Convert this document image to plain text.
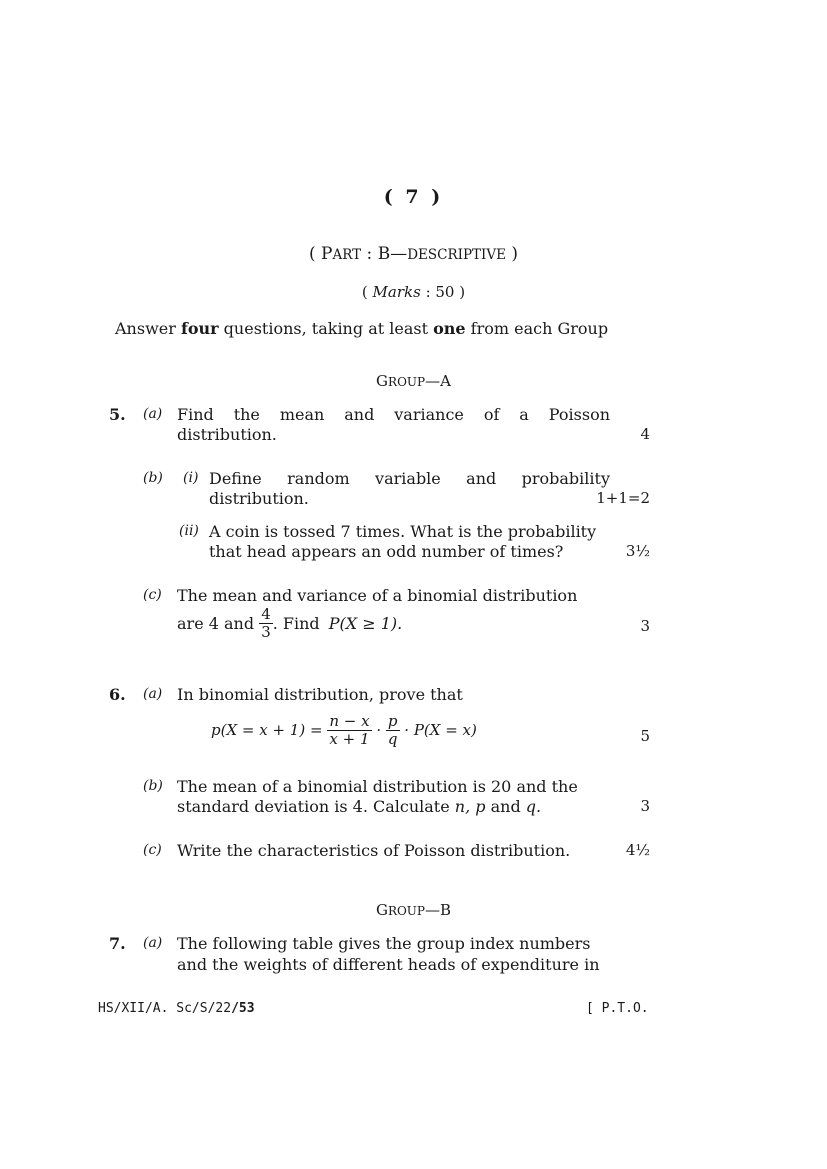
( 7 )
( PART : B—DESCRIPTIVE )
( Marks : 50 )
Answer four questions, taking at least one from each Group
GROUP—A
5. (a) Find the mean and variance of a Poisson
distribution.	4
(b) (i) Define random variable and probability
distribution.	1+1=2
(ii) A coin is tossed 7 times. What is the probability
that head appears an odd number of times?	3½
(c) The mean and variance of a binomial distribution
are 4 and $\frac{4}{3}$ . Find P(X ≥ 1).	3
6. (a) In binomial distribution, prove that
$p(X = x + 1) = \frac{n - x}{x + 1} \cdot \frac{p}{q} \cdot P(X = x)$	5
(b) The mean of a binomial distribution is 20 and the
standard deviation is 4. Calculate n, p and q.	3
(c) Write the characteristics of Poisson distribution.	4½
GROUP—B
7. (a) The following table gives the group index numbers
and the weights of different heads of expenditure in
HS/XII/A. Sc/S/22/53	[ P.T.O.
